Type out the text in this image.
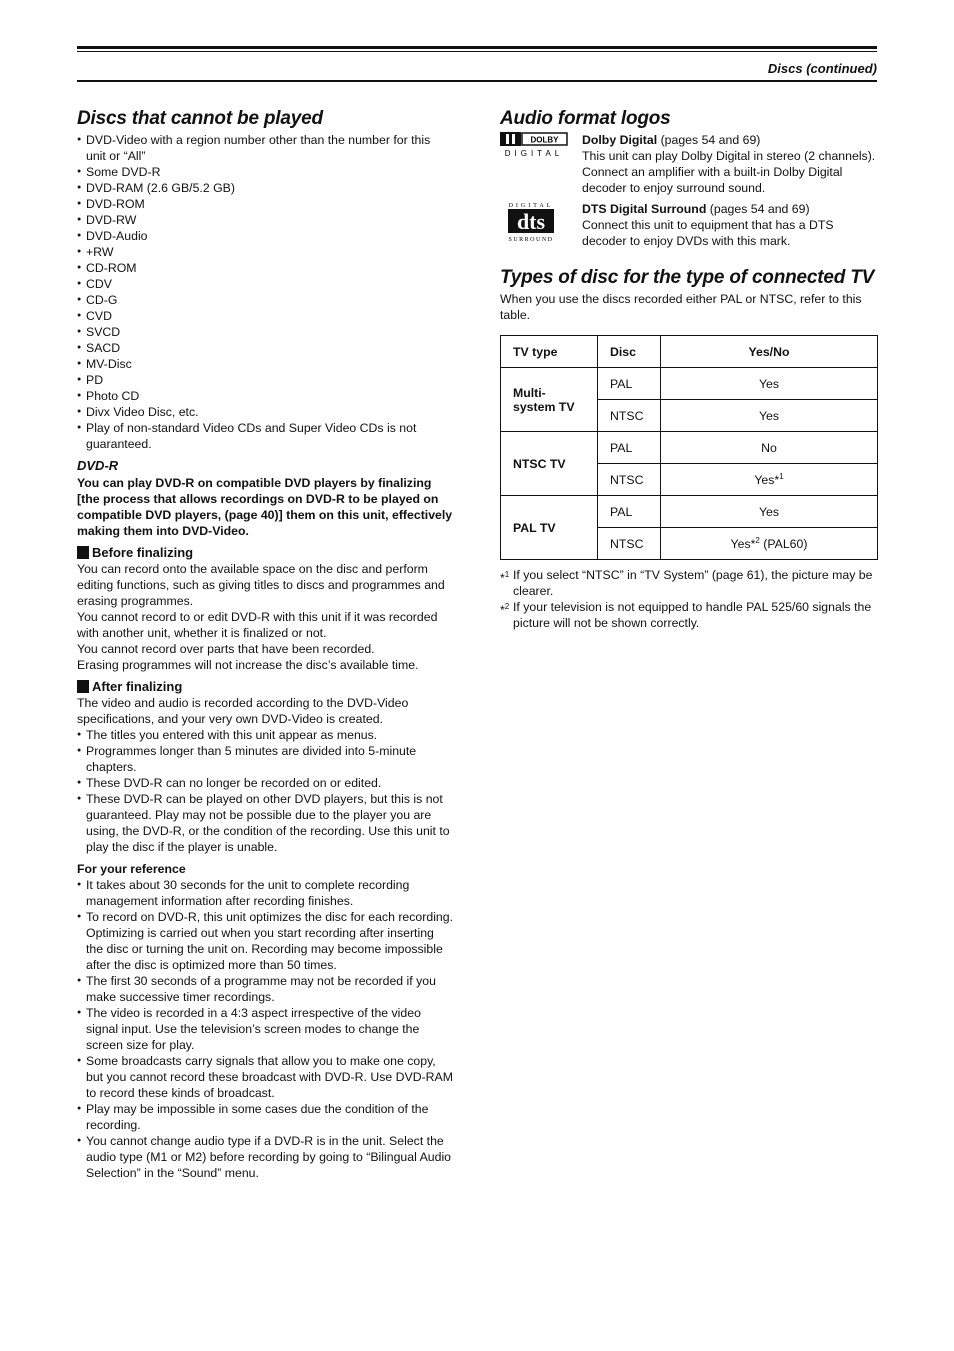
Discs (continued)
Discs that cannot be played
● DVD-Video with a region number other than the number for this unit or “All”
● Some DVD-R
● DVD-RAM (2.6 GB/5.2 GB)
● DVD-ROM
● DVD-RW
● DVD-Audio
● +RW
● CD-ROM
● CDV
● CD-G
● CVD
● SVCD
● SACD
● MV-Disc
● PD
● Photo CD
● Divx Video Disc, etc.
● Play of non-standard Video CDs and Super Video CDs is not guaranteed.
DVD-R
You can play DVD-R on compatible DVD players by finalizing [the process that allows recordings on DVD-R to be played on compatible DVD players, (page 40)] them on this unit, effectively making them into DVD-Video.
Before finalizing

You can record onto the available space on the disc and perform editing functions, such as giving titles to discs and programmes and erasing programmes.

You cannot record to or edit DVD-R with this unit if it was recorded with another unit, whether it is finalized or not.

You cannot record over parts that have been recorded.

Erasing programmes will not increase the disc’s available time.

After finalizing

The video and audio is recorded according to the DVD-Video specifications, and your very own DVD-Video is created.

● The titles you entered with this unit appear as menus.
● Programmes longer than 5 minutes are divided into 5-minute chapters.
● These DVD-R can no longer be recorded on or edited.
● These DVD-R can be played on other DVD players, but this is not guaranteed. Play may not be possible due to the player you are using, the DVD-R, or the condition of the recording. Use this unit to play the disc if the player is unable.
For your reference
● It takes about 30 seconds for the unit to complete recording management information after recording finishes.
● To record on DVD-R, this unit optimizes the disc for each recording. Optimizing is carried out when you start recording after inserting the disc or turning the unit on. Recording may become impossible after the disc is optimized more than 50 times.
● The first 30 seconds of a programme may not be recorded if you make successive timer recordings.
● The video is recorded in a 4:3 aspect irrespective of the video signal input. Use the television’s screen modes to change the screen size for play.
● Some broadcasts carry signals that allow you to make one copy, but you cannot record these broadcast with DVD-R. Use DVD-RAM to record these kinds of broadcast.
● Play may be impossible in some cases due the condition of the recording.
● You cannot change audio type if a DVD-R is in the unit. Select the audio type (M1 or M2) before recording by going to “Bilingual Audio Selection” in the “Sound” menu.
Audio format logos
DOLBY
DIGITAL
Dolby Digital (pages 54 and 69)
This unit can play Dolby Digital in stereo (2 channels). Connect an amplifier with a built-in Dolby Digital decoder to enjoy surround sound.
DIGITAL
dts
SURROUND
DTS Digital Surround (pages 54 and 69)
Connect this unit to equipment that has a DTS decoder to enjoy DVDs with this mark.
Types of disc for the type of connected TV

When you use the discs recorded either PAL or NTSC, refer to this table.

TV type	Disc	Yes/No
Multi-system TV	PAL	Yes
	NTSC	Yes
NTSC TV	PAL	No
	NTSC	Yes*$^1$
PAL TV	PAL	Yes
	NTSC	Yes*$^2$ (PAL60)
*$^1$ If you select “NTSC” in “TV System” (page 61), the picture may be clearer.
*$^2$ If your television is not equipped to handle PAL 525/60 signals the picture will not be shown correctly.
